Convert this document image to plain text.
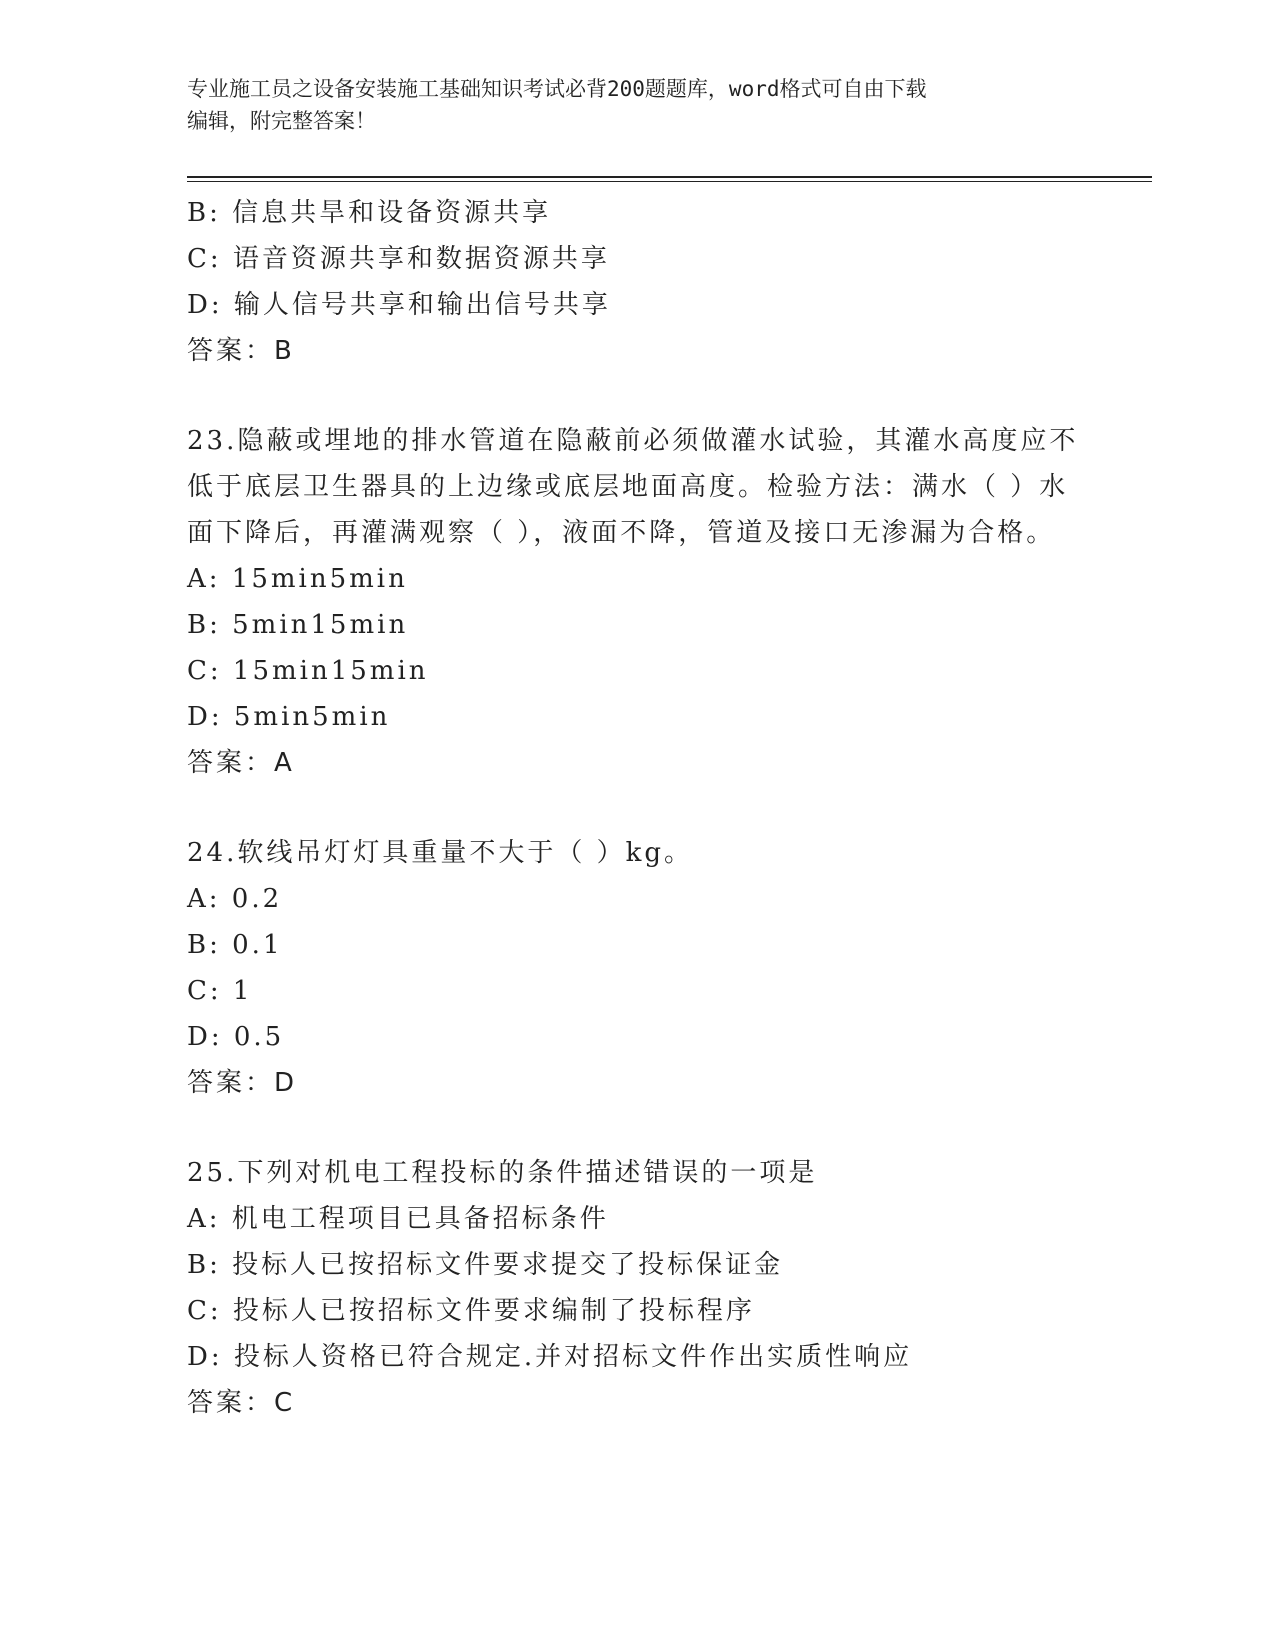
专业施工员之设备安装施工基础知识考试必背200题题库，word格式可自由下载
编辑，附完整答案！
B: 信息共旱和设备资源共享
C: 语音资源共享和数据资源共享
D: 输人信号共享和输出信号共享
答案：B
23.隐蔽或埋地的排水管道在隐蔽前必须做灌水试验，其灌水高度应不
低于底层卫生器具的上边缘或底层地面高度。检验方法：满水（ ）水
面下降后，再灌满观察（ ），液面不降，管道及接口无渗漏为合格。
A: 15min5min
B: 5min15min
C: 15min15min
D: 5min5min
答案：A
24.软线吊灯灯具重量不大于（ ）kg。
A: 0.2
B: 0.1
C: 1
D: 0.5
答案：D
25.下列对机电工程投标的条件描述错误的一项是
A: 机电工程项目已具备招标条件
B: 投标人已按招标文件要求提交了投标保证金
C: 投标人已按招标文件要求编制了投标程序
D: 投标人资格已符合规定.并对招标文件作出实质性响应
答案：C
